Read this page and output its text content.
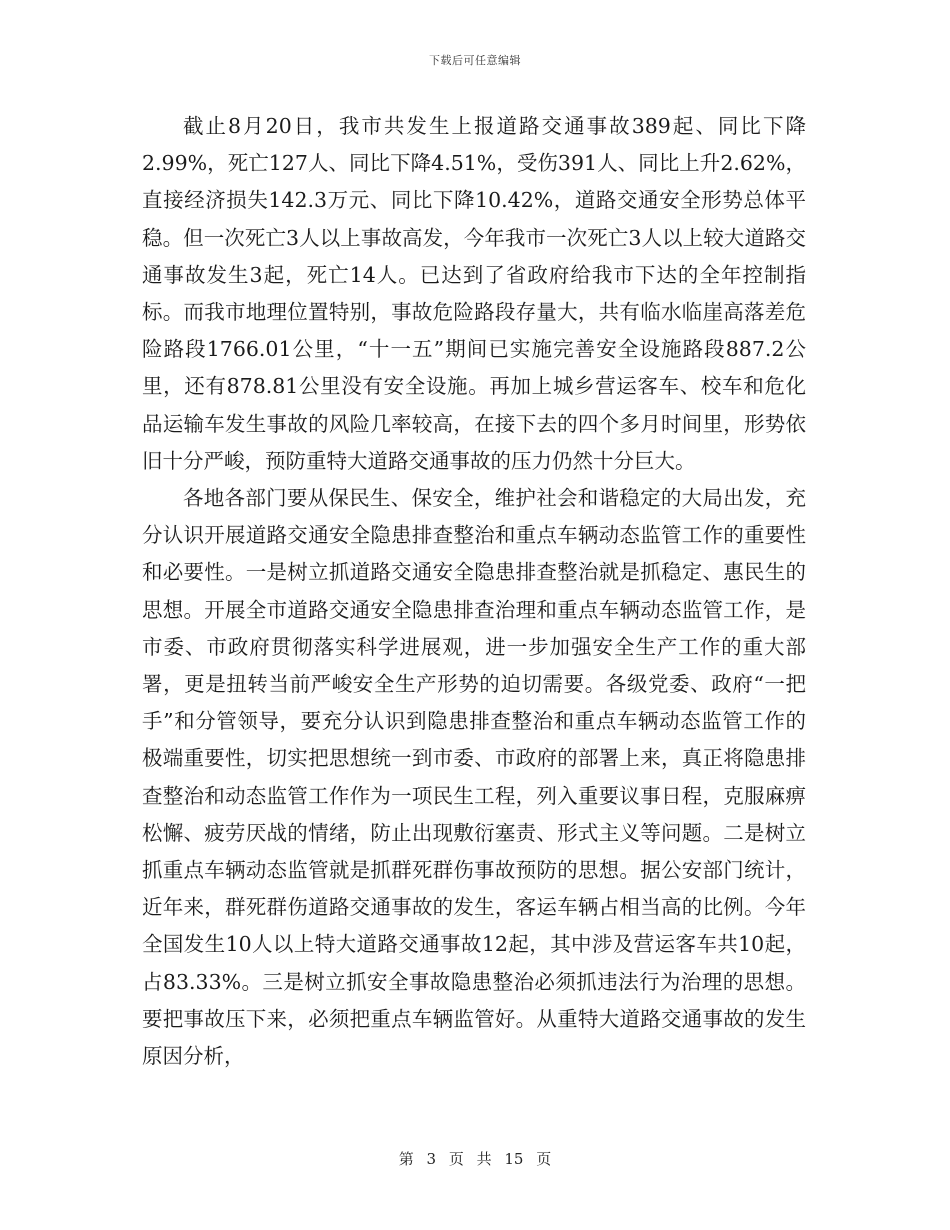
下载后可任意编辑

截止8月20日，我市共发生上报道路交通事故389起、同比下降2.99%，死亡127人、同比下降4.51%，受伤391人、同比上升2.62%，直接经济损失142.3万元、同比下降10.42%，道路交通安全形势总体平稳。但一次死亡3人以上事故高发，今年我市一次死亡3人以上较大道路交通事故发生3起，死亡14人。已达到了省政府给我市下达的全年控制指标。而我市地理位置特别，事故危险路段存量大，共有临水临崖高落差危险路段1766.01公里，“十一五”期间已实施完善安全设施路段887.2公里，还有878.81公里没有安全设施。再加上城乡营运客车、校车和危化品运输车发生事故的风险几率较高，在接下去的四个多月时间里，形势依旧十分严峻，预防重特大道路交通事故的压力仍然十分巨大。

各地各部门要从保民生、保安全，维护社会和谐稳定的大局出发，充分认识开展道路交通安全隐患排查整治和重点车辆动态监管工作的重要性和必要性。一是树立抓道路交通安全隐患排查整治就是抓稳定、惠民生的思想。开展全市道路交通安全隐患排查治理和重点车辆动态监管工作，是市委、市政府贯彻落实科学进展观，进一步加强安全生产工作的重大部署，更是扭转当前严峻安全生产形势的迫切需要。各级党委、政府“一把手”和分管领导，要充分认识到隐患排查整治和重点车辆动态监管工作的极端重要性，切实把思想统一到市委、市政府的部署上来，真正将隐患排查整治和动态监管工作作为一项民生工程，列入重要议事日程，克服麻痹松懈、疲劳厌战的情绪，防止出现敷衍塞责、形式主义等问题。二是树立抓重点车辆动态监管就是抓群死群伤事故预防的思想。据公安部门统计，近年来，群死群伤道路交通事故的发生，客运车辆占相当高的比例。今年全国发生10人以上特大道路交通事故12起，其中涉及营运客车共10起，占83.33%。三是树立抓安全事故隐患整治必须抓违法行为治理的思想。要把事故压下来，必须把重点车辆监管好。从重特大道路交通事故的发生原因分析，

第 3 页 共 15 页
